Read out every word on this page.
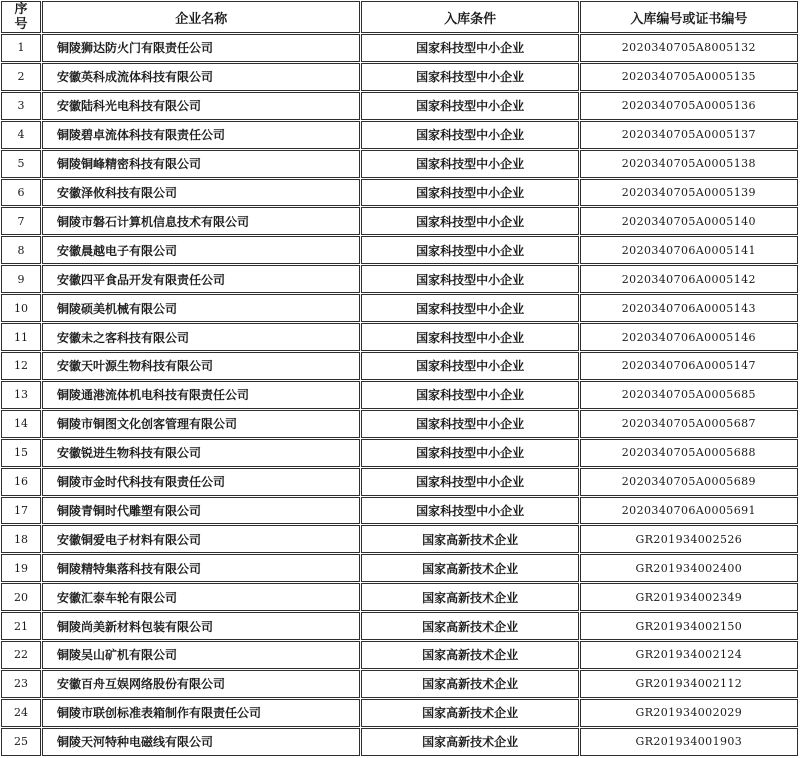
序号	企业名称	入库条件	入库编号或证书编号
1	铜陵狮达防火门有限责任公司	国家科技型中小企业	2020340705A8005132
2	安徽英科成流体科技有限公司	国家科技型中小企业	2020340705A0005135
3	安徽陆科光电科技有限公司	国家科技型中小企业	2020340705A0005136
4	铜陵碧卓流体科技有限责任公司	国家科技型中小企业	2020340705A0005137
5	铜陵铜峰精密科技有限公司	国家科技型中小企业	2020340705A0005138
6	安徽泽攸科技有限公司	国家科技型中小企业	2020340705A0005139
7	铜陵市磐石计算机信息技术有限公司	国家科技型中小企业	2020340705A0005140
8	安徽晨越电子有限公司	国家科技型中小企业	2020340706A0005141
9	安徽四平食品开发有限责任公司	国家科技型中小企业	2020340706A0005142
10	铜陵硕美机械有限公司	国家科技型中小企业	2020340706A0005143
11	安徽未之客科技有限公司	国家科技型中小企业	2020340706A0005146
12	安徽天叶源生物科技有限公司	国家科技型中小企业	2020340706A0005147
13	铜陵通港流体机电科技有限责任公司	国家科技型中小企业	2020340705A0005685
14	铜陵市铜图文化创客管理有限公司	国家科技型中小企业	2020340705A0005687
15	安徽锐进生物科技有限公司	国家科技型中小企业	2020340705A0005688
16	铜陵市金时代科技有限责任公司	国家科技型中小企业	2020340705A0005689
17	铜陵青铜时代雕塑有限公司	国家科技型中小企业	2020340706A0005691
18	安徽铜爱电子材料有限公司	国家高新技术企业	GR201934002526
19	铜陵精特集落科技有限公司	国家高新技术企业	GR201934002400
20	安徽汇泰车轮有限公司	国家高新技术企业	GR201934002349
21	铜陵尚美新材料包装有限公司	国家高新技术企业	GR201934002150
22	铜陵吴山矿机有限公司	国家高新技术企业	GR201934002124
23	安徽百舟互娱网络股份有限公司	国家高新技术企业	GR201934002112
24	铜陵市联创标准表箱制作有限责任公司	国家高新技术企业	GR201934002029
25	铜陵天河特种电磁线有限公司	国家高新技术企业	GR201934001903
